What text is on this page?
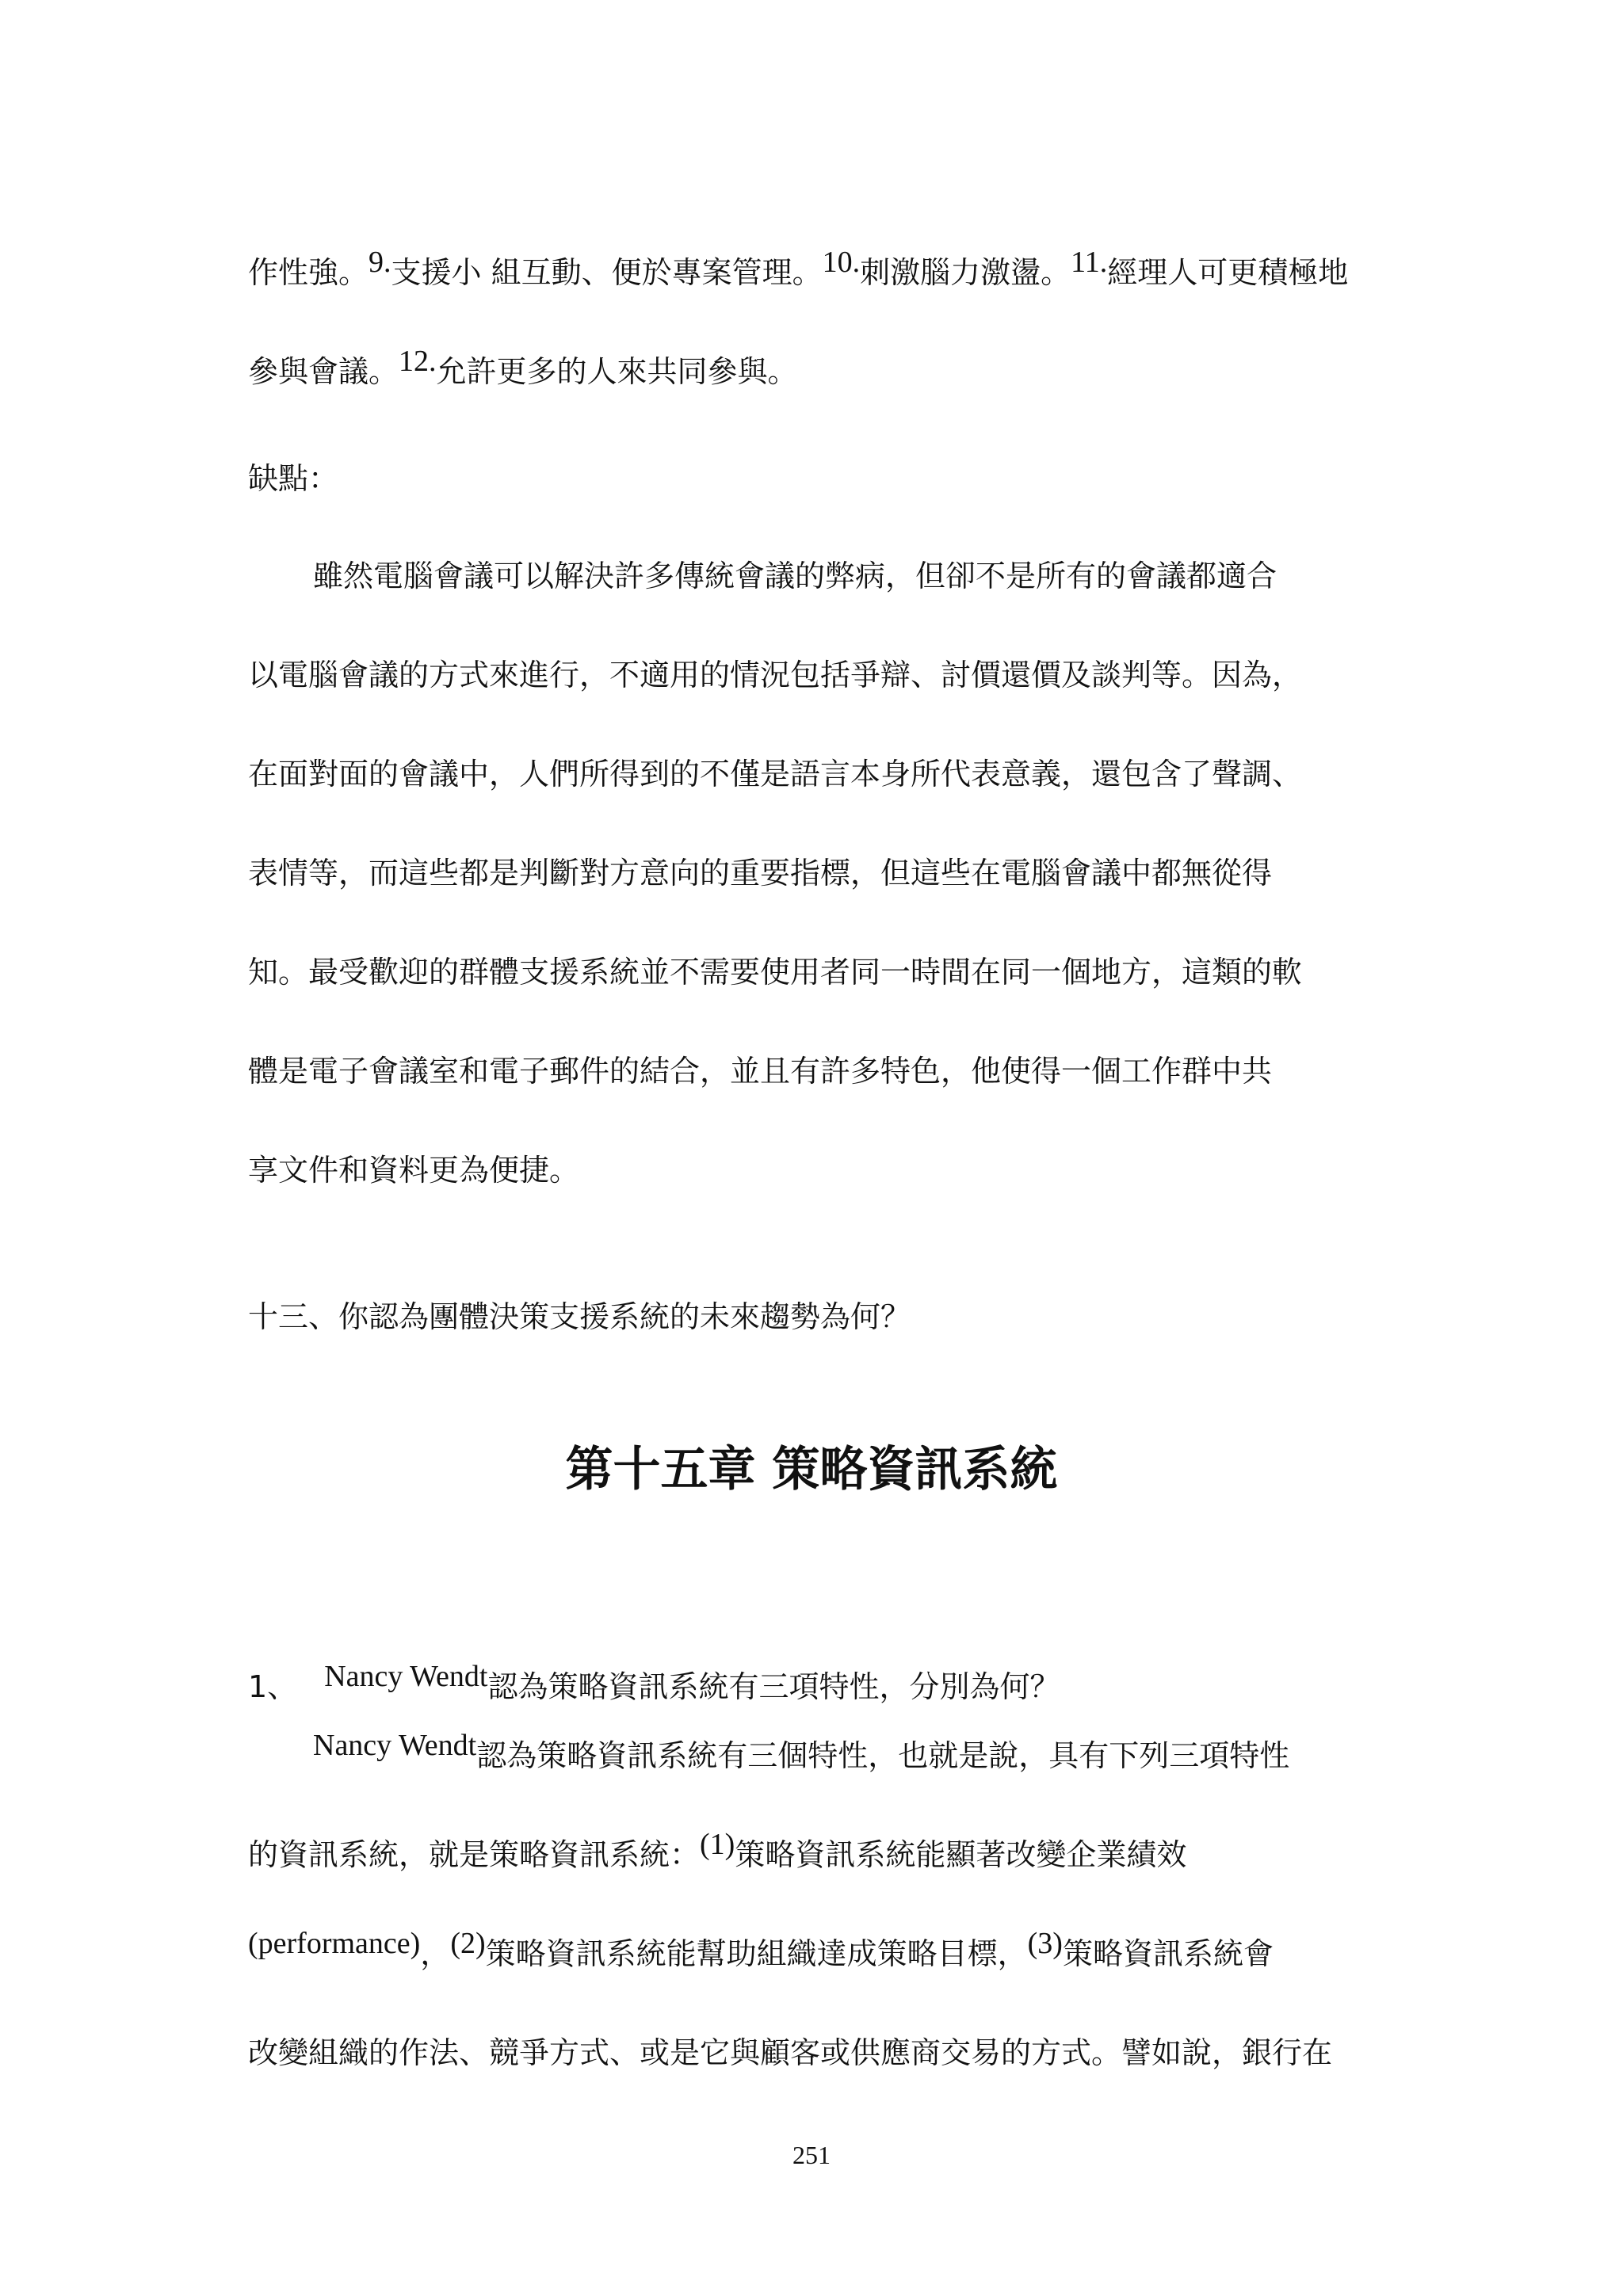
作性強。9.支援小 組互動、便於專案管理。10.刺激腦力激盪。11.經理人可更積極地

參與會議。12.允許更多的人來共同參與。

缺點：

雖然電腦會議可以解決許多傳統會議的弊病，但卻不是所有的會議都適合

以電腦會議的方式來進行，不適用的情況包括爭辯、討價還價及談判等。因為，

在面對面的會議中，人們所得到的不僅是語言本身所代表意義，還包含了聲調、

表情等，而這些都是判斷對方意向的重要指標，但這些在電腦會議中都無從得

知。最受歡迎的群體支援系統並不需要使用者同一時間在同一個地方，這類的軟

體是電子會議室和電子郵件的結合，並且有許多特色，他使得一個工作群中共

享文件和資料更為便捷。

十三、你認為團體決策支援系統的未來趨勢為何？

第十五章 策略資訊系統

1、 Nancy Wendt認為策略資訊系統有三項特性，分別為何？

Nancy Wendt認為策略資訊系統有三個特性，也就是說，具有下列三項特性

的資訊系統，就是策略資訊系統：(1)策略資訊系統能顯著改變企業績效

(performance)，(2)策略資訊系統能幫助組織達成策略目標，(3)策略資訊系統會

改變組織的作法、競爭方式、或是它與顧客或供應商交易的方式。譬如說，銀行在

251
